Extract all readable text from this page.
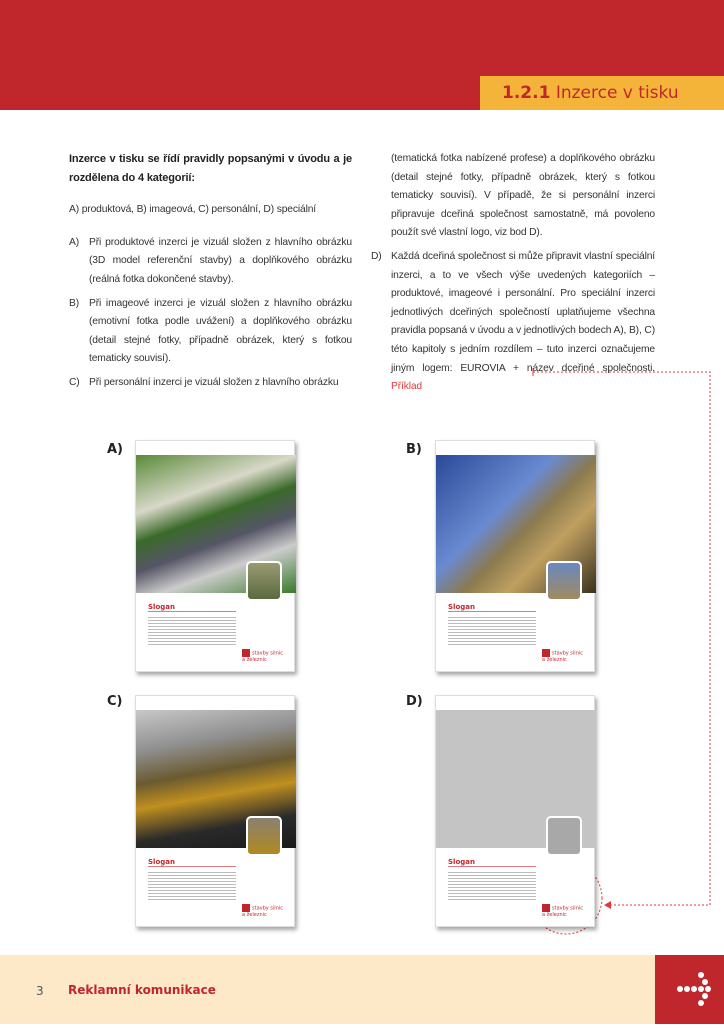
1.2.1 Inzerce v tisku

Inzerce v tisku se řídí pravidly popsanými v úvodu a je rozdělena do 4 kategorií:

A) produktová, B) imageová, C) personální, D) speciální

A) Při produktové inzerci je vizuál složen z hlavního obrázku (3D model referenční stavby) a doplňkového obrázku (reálná fotka dokončené stavby).
B) Při imageové inzerci je vizuál složen z hlavního obrázku (emotivní fotka podle uvážení) a doplňkového obrázku (detail stejné fotky, případně obrázek, který s fotkou tematicky souvisí).
C) Při personální inzerci je vizuál složen z hlavního obrázku

(tematická fotka nabízené profese) a doplňkového obrázku (detail stejné fotky, případně obrázek, který s fotkou tematicky souvisí). V případě, že si personální inzerci připravuje dceřiná společnost samostatně, má povoleno použít své vlastní logo, viz bod D).

D) Každá dceřiná společnost si může připravit vlastní speciální inzerci, a to ve všech výše uvedených kategoriích – produktové, imageové i personální. Pro speciální inzerci jednotlivých dceřiných společností uplatňujeme všechna pravidla popsaná v úvodu a v jednotlivých bodech A), B), C) této kapitoly s jedním rozdílem – tuto inzerci označujeme jiným logem: EUROVIA + název dceřiné společnosti. Příklad
A)	B)
C)	D)
Slogan
stavby silnic
a železnic
Slogan
stavby silnic
a železnic
Slogan
stavby silnic
a železnic
Slogan
stavby silnic
a železnic
3 Reklamní komunikace
